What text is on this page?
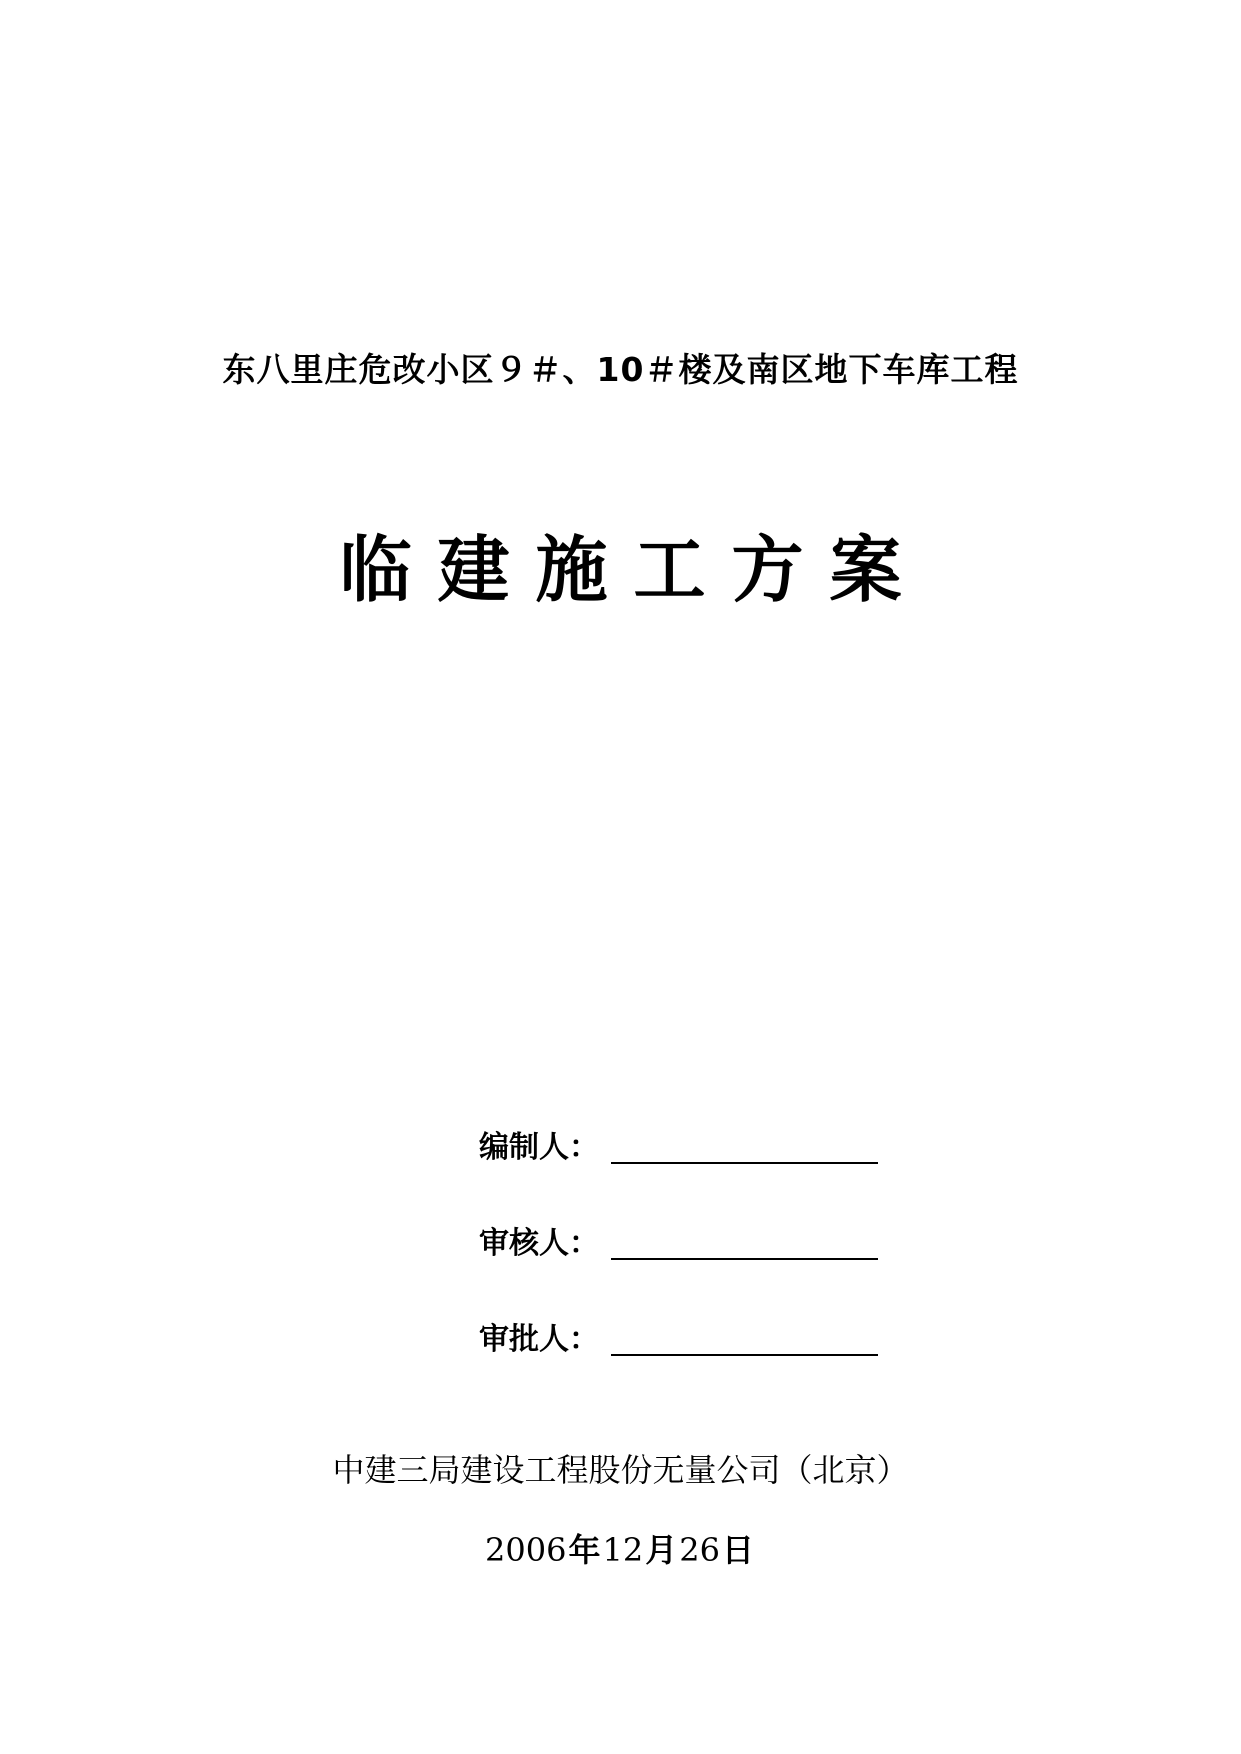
东八里庄危改小区９＃、10＃楼及南区地下车库工程
临建施工方案
编制人：
审核人：
审批人：
中建三局建设工程股份无量公司（北京）
2006年12月26日
